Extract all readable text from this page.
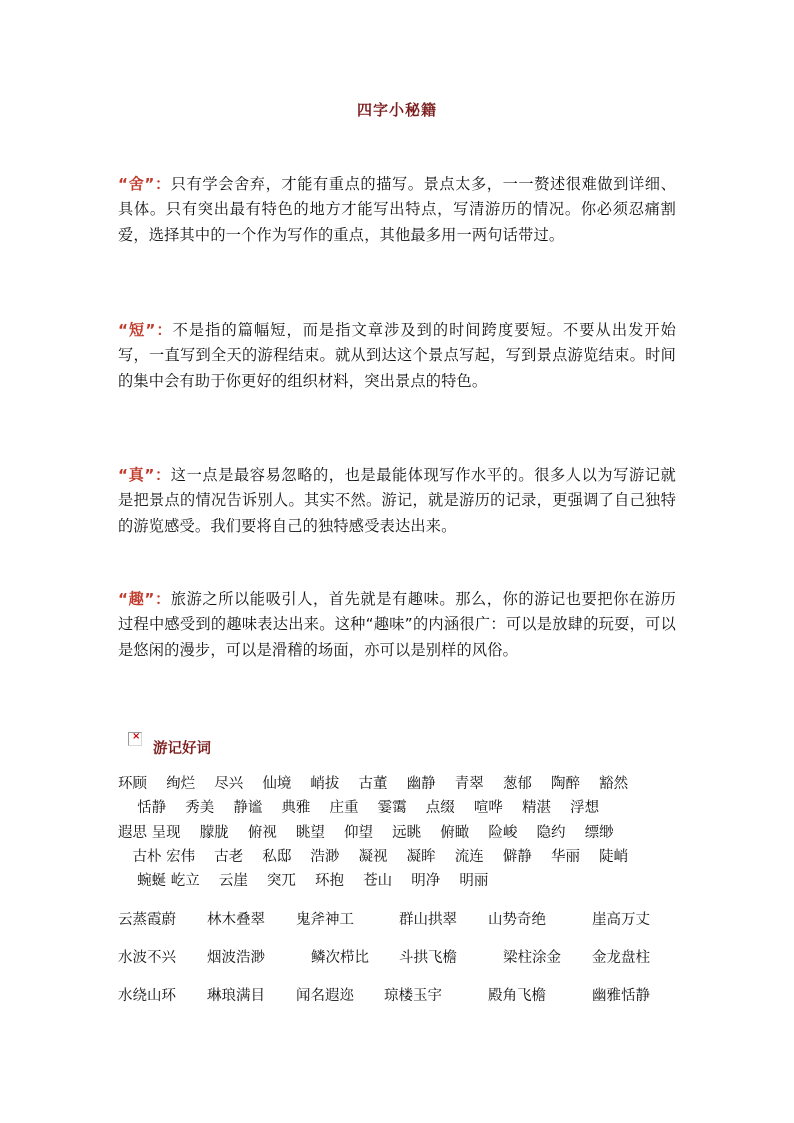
四字小秘籍
“舍”：只有学会舍弃，才能有重点的描写。景点太多，一一赘述很难做到详细、具体。只有突出最有特色的地方才能写出特点，写清游历的情况。你必须忍痛割爱，选择其中的一个作为写作的重点，其他最多用一两句话带过。
“短”：不是指的篇幅短，而是指文章涉及到的时间跨度要短。不要从出发开始写，一直写到全天的游程结束。就从到达这个景点写起，写到景点游览结束。时间的集中会有助于你更好的组织材料，突出景点的特色。
“真”：这一点是最容易忽略的，也是最能体现写作水平的。很多人以为写游记就是把景点的情况告诉别人。其实不然。游记，就是游历的记录，更强调了自己独特的游览感受。我们要将自己的独特感受表达出来。
“趣”：旅游之所以能吸引人，首先就是有趣味。那么，你的游记也要把你在游历过程中感受到的趣味表达出来。这种“趣味”的内涵很广：可以是放肆的玩耍，可以是悠闲的漫步，可以是滑稽的场面，亦可以是别样的风俗。
×
游记好词
环顾　 绚烂　 尽兴　 仙境　 峭拔　 古董　 幽静　 青翠　 葱郁　 陶醉　 豁然
　 恬静　 秀美　 静谧　 典雅　 庄重　 霎霭　 点缀　 喧哗　 精湛　 浮想
遐思 呈现　 朦胧　 俯视　 眺望　 仰望　 远眺　 俯瞰　 险峻　 隐约　 缥缈
　古朴 宏伟　 古老　 私邸　 浩渺　 凝视　 凝眸　 流连　 僻静　 华丽　 陡峭
　 蜿蜒 屹立　 云崖　 突兀　 环抱　 苍山　 明净　 明丽
云蒸霞蔚 林木叠翠 鬼斧神工	群山拱翠 山势奇绝	崖高万丈
水波不兴 烟波浩渺	鳞次栉比 斗拱飞檐	梁柱涂金 金龙盘柱
水绕山环 琳琅满目 闻名遐迩 琼楼玉宇	殿角飞檐	幽雅恬静
